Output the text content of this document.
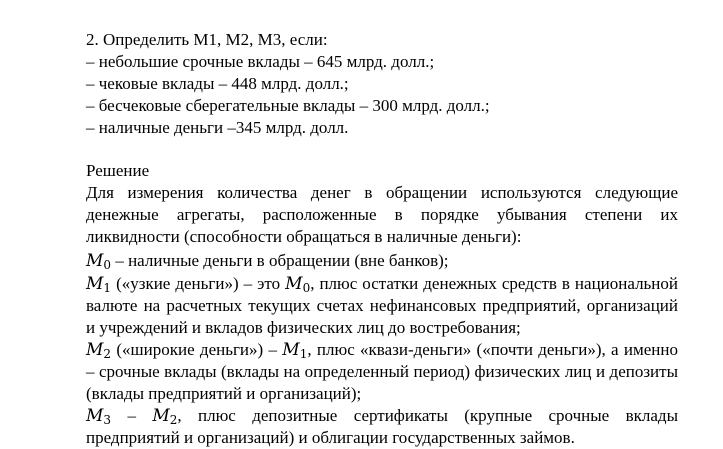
2. Определить М1, М2, М3, если:
– небольшие срочные вклады – 645 млрд. долл.;
– чековые вклады – 448 млрд. долл.;
– бесчековые сберегательные вклады – 300 млрд. долл.;
– наличные деньги –345 млрд. долл.
Решение
Для измерения количества денег в обращении используются следующие денежные агрегаты, расположенные в порядке убывания степени их ликвидности (способности обращаться в наличные деньги):
$M_0$ – наличные деньги в обращении (вне банков);
$M_1$ («узкие деньги») – это $M_0$, плюс остатки денежных средств в национальной валюте на расчетных текущих счетах нефинансовых предприятий, организаций и учреждений и вкладов физических лиц до востребования;
$M_2$ («широкие деньги») – $M_1$, плюс «квази-деньги» («почти деньги»), а именно – срочные вклады (вклады на определенный период) физических лиц и депозиты (вклады предприятий и организаций);
$M_3 - M_2$, плюс депозитные сертификаты (крупные срочные вклады предприятий и организаций) и облигации государственных займов.
